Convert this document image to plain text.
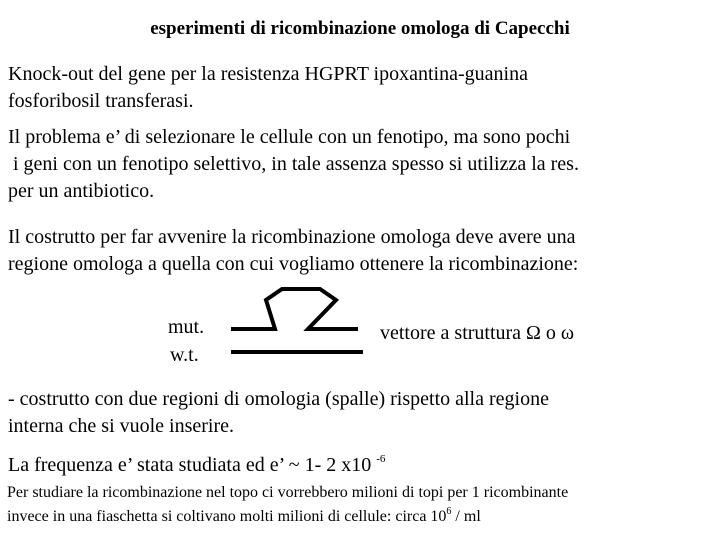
esperimenti di ricombinazione omologa di Capecchi
Knock-out del gene per la resistenza HGPRT ipoxantina-guanina
fosforibosil transferasi.
Il problema e’ di selezionare le cellule con un fenotipo, ma sono pochi
i geni con un fenotipo selettivo, in tale assenza spesso si utilizza la res.
per un antibiotico.
Il costrutto per far avvenire la ricombinazione omologa deve avere una
regione omologa a quella con cui vogliamo ottenere la ricombinazione:
mut.
w.t.
vettore a struttura Ω o ω
- costrutto con due regioni di omologia (spalle) rispetto alla regione
interna che si vuole inserire.
La frequenza e’ stata studiata ed e’ ~ 1- 2 x10 $^{-6}$
Per studiare la ricombinazione nel topo ci vorrebbero milioni di topi per 1 ricombinante
invece in una fiaschetta si coltivano molti milioni di cellule: circa $10^6$ / ml
